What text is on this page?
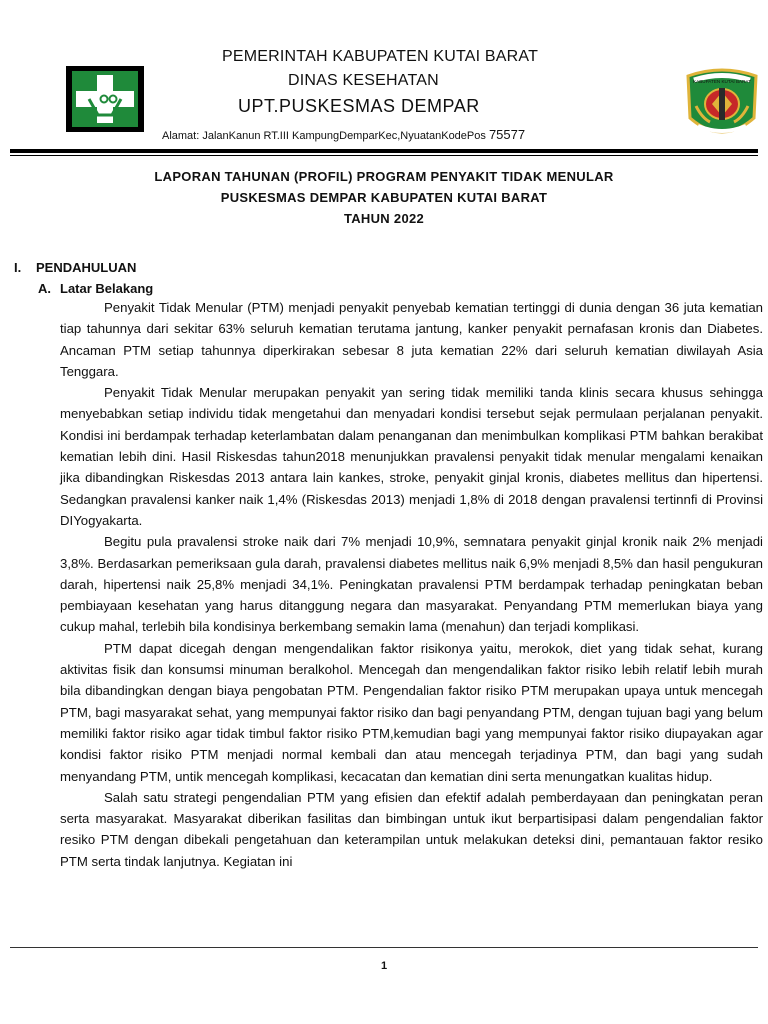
PEMERINTAH KABUPATEN KUTAI BARAT
DINAS KESEHATAN
UPT.PUSKESMAS DEMPAR
Alamat: JalanKanun RT.III KampungDemparKec,NyuatanKodePos 75577
KABUPATEN KUTAI BARAT
LAPORAN TAHUNAN (PROFIL) PROGRAM PENYAKIT TIDAK MENULAR
PUSKESMAS DEMPAR KABUPATEN KUTAI BARAT
TAHUN 2022
I. PENDAHULUAN
A. Latar Belakang

Penyakit Tidak Menular (PTM) menjadi penyakit penyebab kematian tertinggi di dunia dengan 36 juta kematian tiap tahunnya dari sekitar 63% seluruh kematian terutama jantung, kanker penyakit pernafasan kronis dan Diabetes. Ancaman PTM setiap tahunnya diperkirakan sebesar 8 juta kematian 22% dari seluruh kematian diwilayah Asia Tenggara.

Penyakit Tidak Menular merupakan penyakit yan sering tidak memiliki tanda klinis secara khusus sehingga menyebabkan setiap individu tidak mengetahui dan menyadari kondisi tersebut sejak permulaan perjalanan penyakit. Kondisi ini berdampak terhadap keterlambatan dalam penanganan dan menimbulkan komplikasi PTM bahkan berakibat kematian lebih dini. Hasil Riskesdas tahun2018 menunjukkan pravalensi penyakit tidak menular mengalami kenaikan jika dibandingkan Riskesdas 2013 antara lain kankes, stroke, penyakit ginjal kronis, diabetes mellitus dan hipertensi. Sedangkan pravalensi kanker naik 1,4% (Riskesdas 2013) menjadi 1,8% di 2018 dengan pravalensi tertinnfi di Provinsi DIYogyakarta.

Begitu pula pravalensi stroke naik dari 7% menjadi 10,9%, semnatara penyakit ginjal kronik naik 2% menjadi 3,8%. Berdasarkan pemeriksaan gula darah, pravalensi diabetes mellitus naik 6,9% menjadi 8,5% dan hasil pengukuran darah, hipertensi naik 25,8% menjadi 34,1%. Peningkatan pravalensi PTM berdampak terhadap peningkatan beban pembiayaan kesehatan yang harus ditanggung negara dan masyarakat. Penyandang PTM memerlukan biaya yang cukup mahal, terlebih bila kondisinya berkembang semakin lama (menahun) dan terjadi komplikasi.

PTM dapat dicegah dengan mengendalikan faktor risikonya yaitu, merokok, diet yang tidak sehat, kurang aktivitas fisik dan konsumsi minuman beralkohol. Mencegah dan mengendalikan faktor risiko lebih relatif lebih murah bila dibandingkan dengan biaya pengobatan PTM. Pengendalian faktor risiko PTM merupakan upaya untuk mencegah PTM, bagi masyarakat sehat, yang mempunyai faktor risiko dan bagi penyandang PTM, dengan tujuan bagi yang belum memiliki faktor risiko agar tidak timbul faktor risiko PTM,kemudian bagi yang mempunyai faktor risiko diupayakan agar kondisi faktor risiko PTM menjadi normal kembali dan atau mencegah terjadinya PTM, dan bagi yang sudah menyandang PTM, untik mencegah komplikasi, kecacatan dan kematian dini serta menungatkan kualitas hidup.

Salah satu strategi pengendalian PTM yang efisien dan efektif adalah pemberdayaan dan peningkatan peran serta masyarakat. Masyarakat diberikan fasilitas dan bimbingan untuk ikut berpartisipasi dalam pengendalian faktor resiko PTM dengan dibekali pengetahuan dan keterampilan untuk melakukan deteksi dini, pemantauan faktor resiko PTM serta tindak lanjutnya. Kegiatan ini

1
